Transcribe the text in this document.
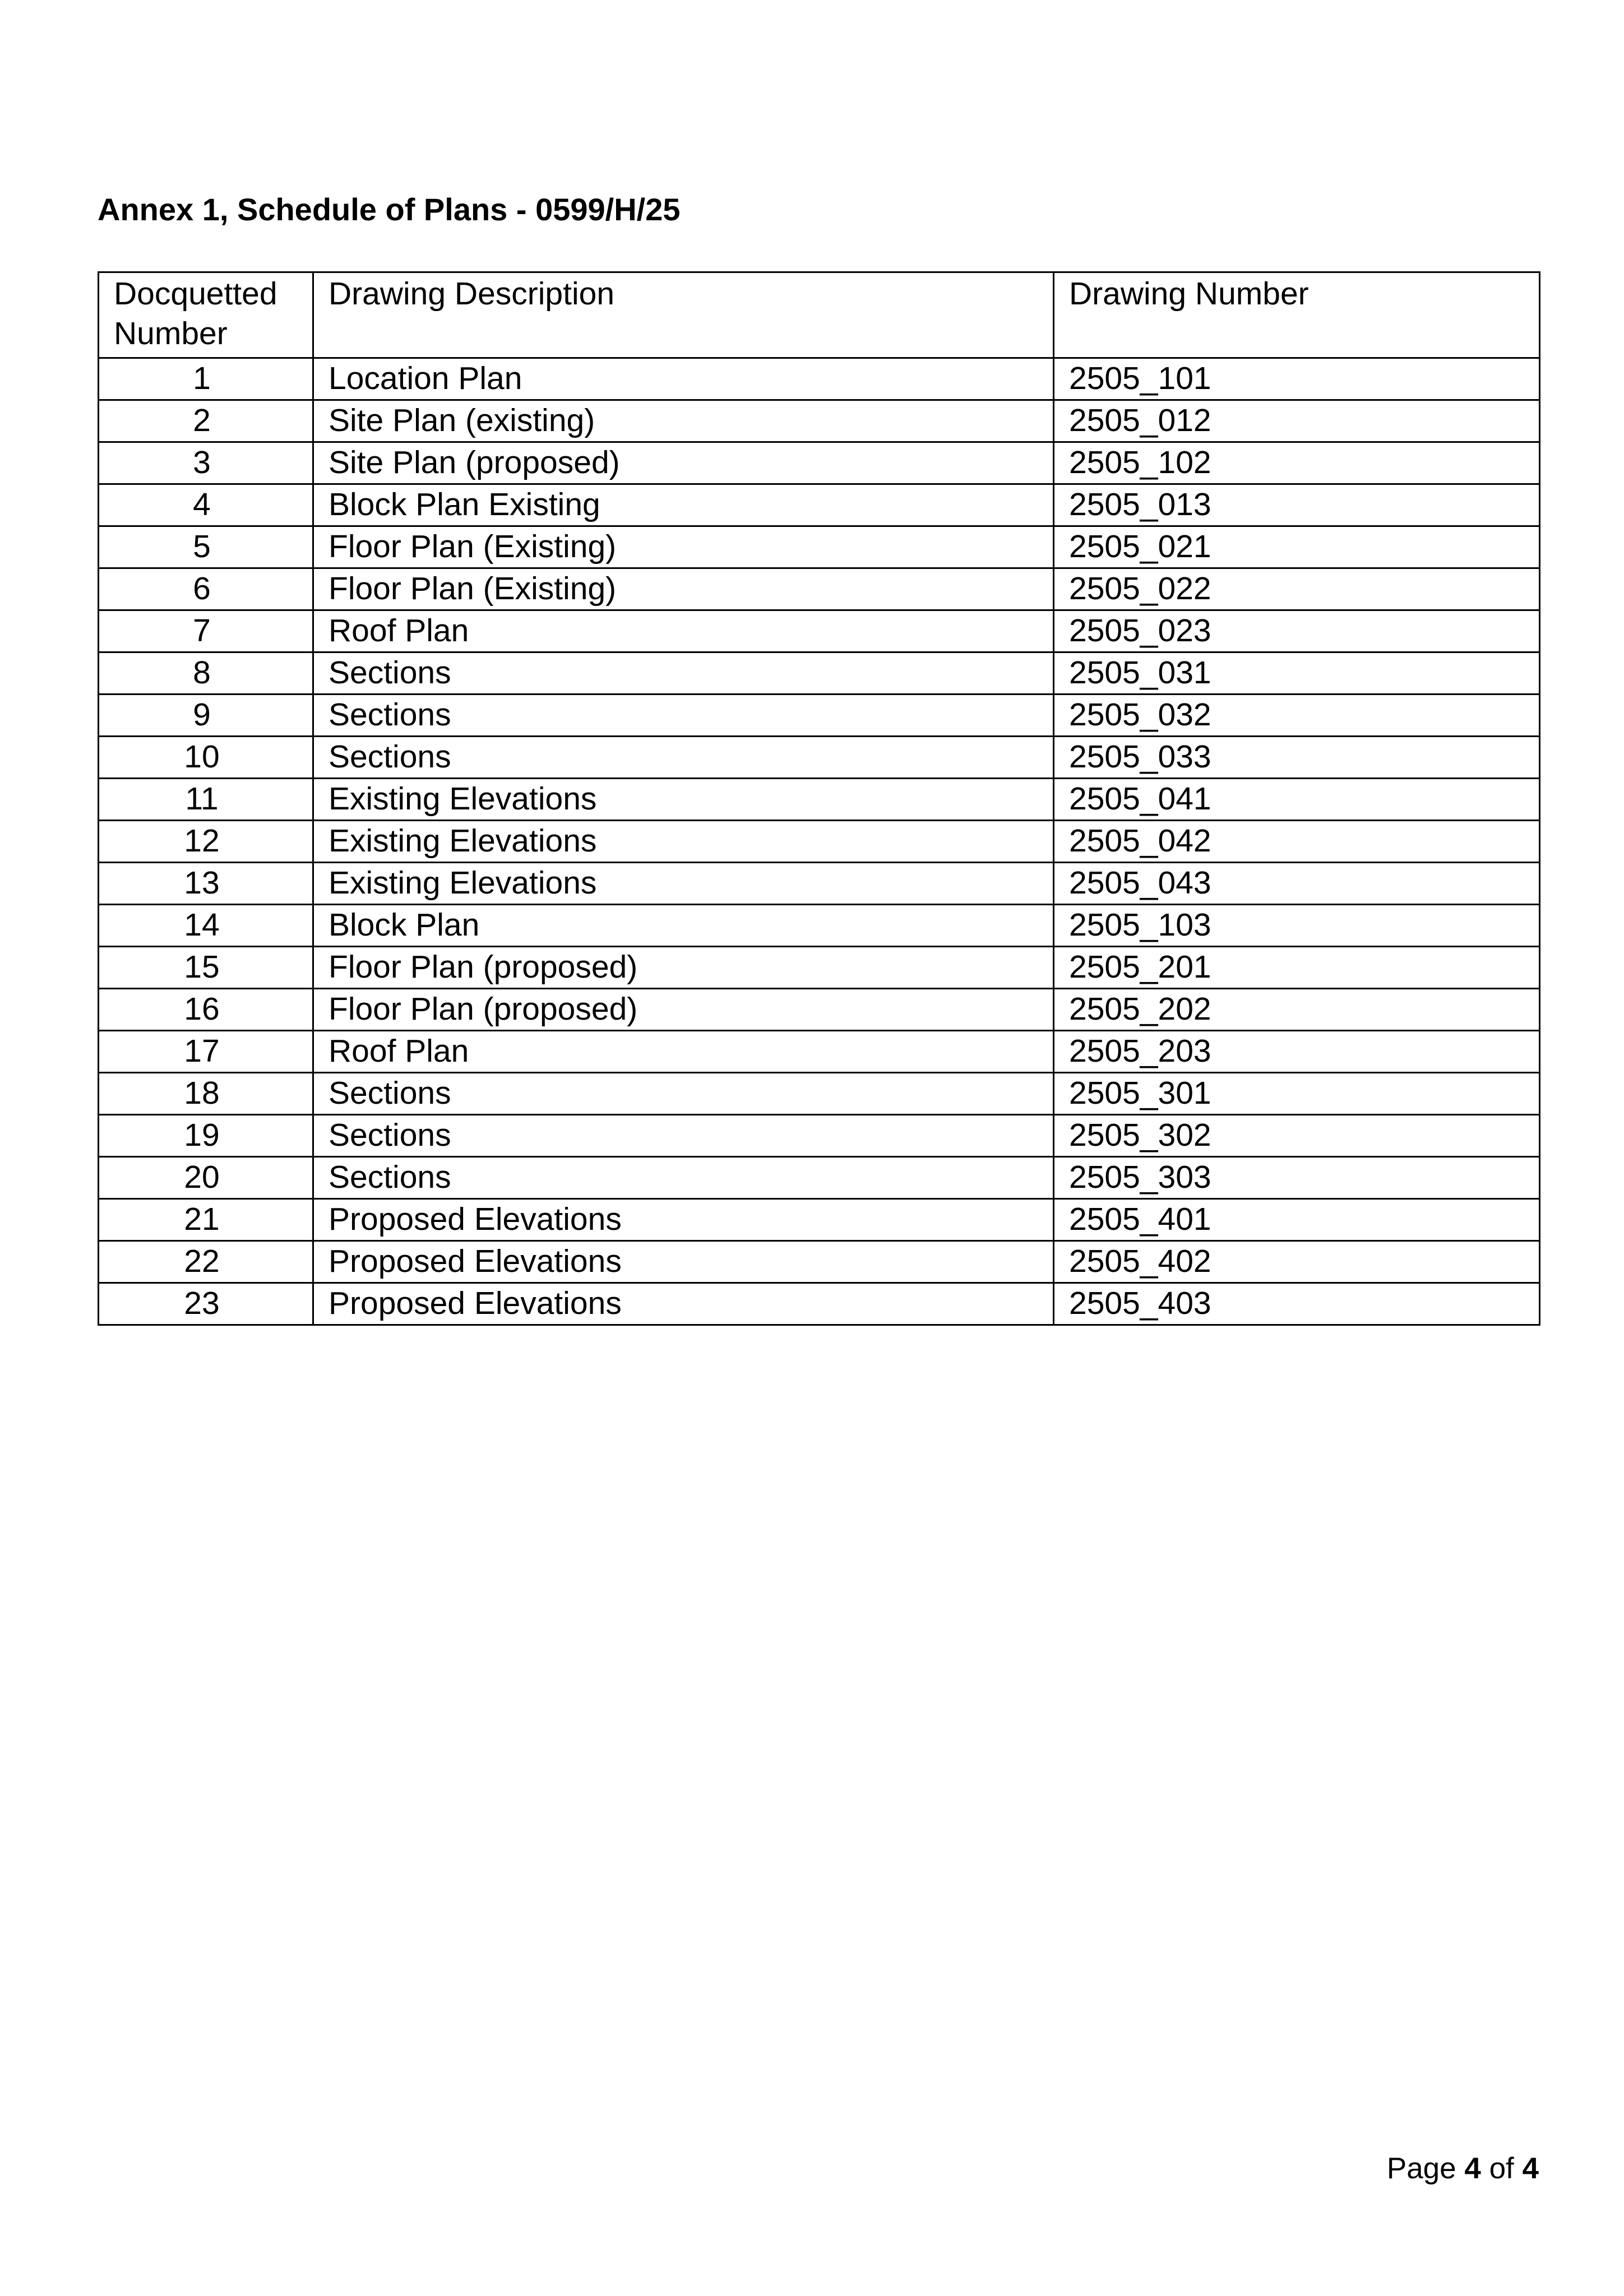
Annex 1, Schedule of Plans - 0599/H/25
Docquetted Number	Drawing Description	Drawing Number
1	Location Plan	2505_101
2	Site Plan (existing)	2505_012
3	Site Plan (proposed)	2505_102
4	Block Plan Existing	2505_013
5	Floor Plan (Existing)	2505_021
6	Floor Plan (Existing)	2505_022
7	Roof Plan	2505_023
8	Sections	2505_031
9	Sections	2505_032
10	Sections	2505_033
11	Existing Elevations	2505_041
12	Existing Elevations	2505_042
13	Existing Elevations	2505_043
14	Block Plan	2505_103
15	Floor Plan (proposed)	2505_201
16	Floor Plan (proposed)	2505_202
17	Roof Plan	2505_203
18	Sections	2505_301
19	Sections	2505_302
20	Sections	2505_303
21	Proposed Elevations	2505_401
22	Proposed Elevations	2505_402
23	Proposed Elevations	2505_403
Page 4 of 4
